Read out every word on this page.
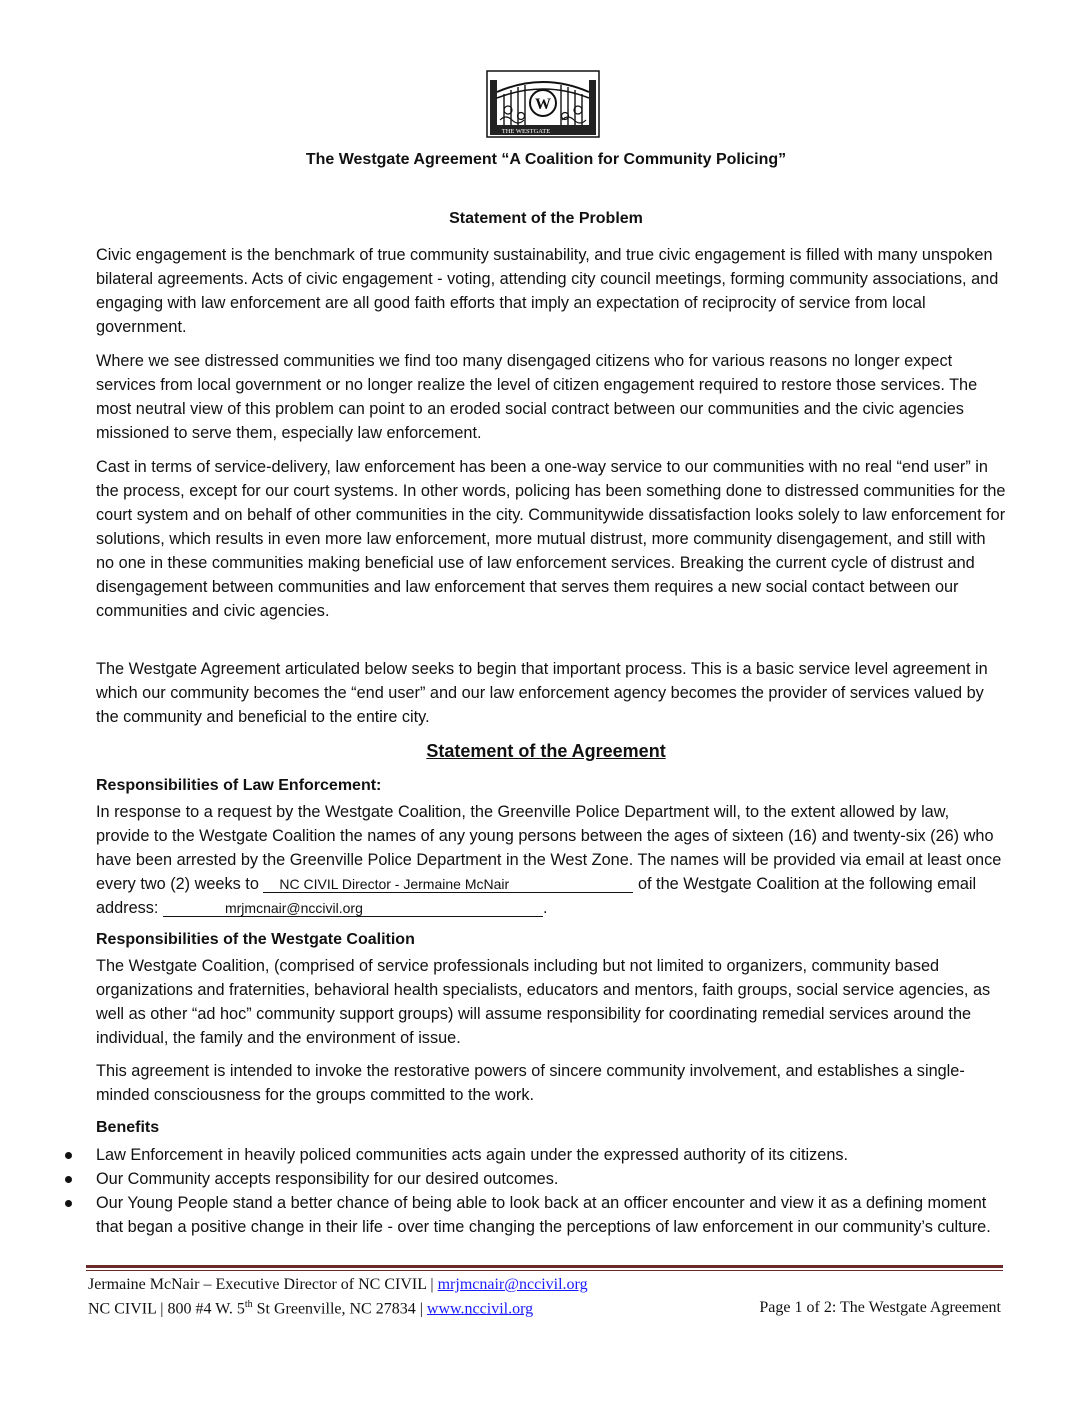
W
THE WESTGATE
The Westgate Agreement “A Coalition for Community Policing”
Statement of the Problem

Civic engagement is the benchmark of true community sustainability, and true civic engagement is filled with many unspoken bilateral agreements. Acts of civic engagement - voting, attending city council meetings, forming community associations, and engaging with law enforcement are all good faith efforts that imply an expectation of reciprocity of service from local government.

Where we see distressed communities we find too many disengaged citizens who for various reasons no longer expect services from local government or no longer realize the level of citizen engagement required to restore those services. The most neutral view of this problem can point to an eroded social contract between our communities and the civic agencies missioned to serve them, especially law enforcement.

Cast in terms of service-delivery, law enforcement has been a one-way service to our communities with no real “end user” in the process, except for our court systems. In other words, policing has been something done to distressed communities for the court system and on behalf of other communities in the city. Communitywide dissatisfaction looks solely to law enforcement for solutions, which results in even more law enforcement, more mutual distrust, more community disengagement, and still with no one in these communities making beneficial use of law enforcement services. Breaking the current cycle of distrust and disengagement between communities and law enforcement that serves them requires a new social contact between our communities and civic agencies.

The Westgate Agreement articulated below seeks to begin that important process. This is a basic service level agreement in which our community becomes the “end user” and our law enforcement agency becomes the provider of services valued by the community and beneficial to the entire city.

Statement of the Agreement
Responsibilities of Law Enforcement:

In response to a request by the Westgate Coalition, the Greenville Police Department will, to the extent allowed by law, provide to the Westgate Coalition the names of any young persons between the ages of sixteen (16) and twenty-six (26) who have been arrested by the Greenville Police Department in the West Zone. The names will be provided via email at least once every two (2) weeks to NC CIVIL Director - Jermaine McNair	of the Westgate Coalition at the following email address:	mrjmcnair@nccivil.org	.

Responsibilities of the Westgate Coalition

The Westgate Coalition, (comprised of service professionals including but not limited to organizers, community based organizations and fraternities, behavioral health specialists, educators and mentors, faith groups, social service agencies, as well as other “ad hoc” community support groups) will assume responsibility for coordinating remedial services around the individual, the family and the environment of issue.

This agreement is intended to invoke the restorative powers of sincere community involvement, and establishes a single-minded consciousness for the groups committed to the work.

Benefits
Law Enforcement in heavily policed communities acts again under the expressed authority of its citizens.
Our Community accepts responsibility for our desired outcomes.
Our Young People stand a better chance of being able to look back at an officer encounter and view it as a defining moment that began a positive change in their life - over time changing the perceptions of law enforcement in our community’s culture.
Jermaine McNair – Executive Director of NC CIVIL | mrjmcnair@nccivil.org
NC CIVIL | 800 #4 W. 5th St Greenville, NC 27834 | www.nccivil.org	Page 1 of 2: The Westgate Agreement
